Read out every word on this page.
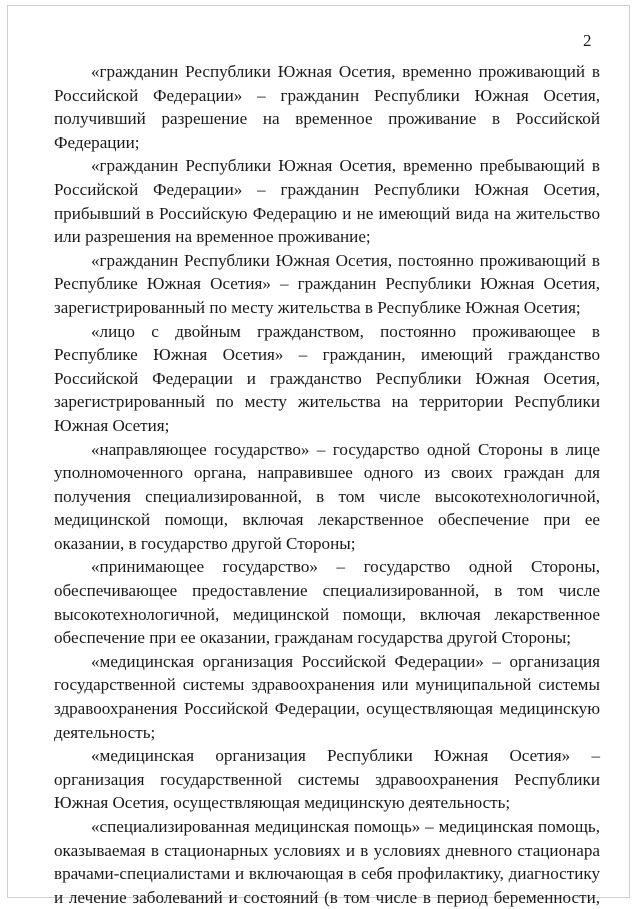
2
«гражданин Республики Южная Осетия, временно проживающий в
Российской Федерации» – гражданин Республики Южная Осетия,
получивший разрешение на временное проживание в Российской
Федерации;
«гражданин Республики Южная Осетия, временно пребывающий в
Российской Федерации» – гражданин Республики Южная Осетия,
прибывший в Российскую Федерацию и не имеющий вида на жительство
или разрешения на временное проживание;
«гражданин Республики Южная Осетия, постоянно проживающий в
Республике Южная Осетия» – гражданин Республики Южная Осетия,
зарегистрированный по месту жительства в Республике Южная Осетия;
«лицо с двойным гражданством, постоянно проживающее в
Республике Южная Осетия» – гражданин, имеющий гражданство
Российской Федерации и гражданство Республики Южная Осетия,
зарегистрированный по месту жительства на территории Республики
Южная Осетия;
«направляющее государство» – государство одной Стороны в лице
уполномоченного органа, направившее одного из своих граждан для
получения специализированной, в том числе высокотехнологичной,
медицинской помощи, включая лекарственное обеспечение при ее
оказании, в государство другой Стороны;
«принимающее государство» – государство одной Стороны,
обеспечивающее предоставление специализированной, в том числе
высокотехнологичной, медицинской помощи, включая лекарственное
обеспечение при ее оказании, гражданам государства другой Стороны;
«медицинская организация Российской Федерации» – организация
государственной системы здравоохранения или муниципальной системы
здравоохранения Российской Федерации, осуществляющая медицинскую
деятельность;
«медицинская организация Республики Южная Осетия» –
организация государственной системы здравоохранения Республики
Южная Осетия, осуществляющая медицинскую деятельность;
«специализированная медицинская помощь» – медицинская помощь,
оказываемая в стационарных условиях и в условиях дневного стационара
врачами-специалистами и включающая в себя профилактику, диагностику
и лечение заболеваний и состояний (в том числе в период беременности,
